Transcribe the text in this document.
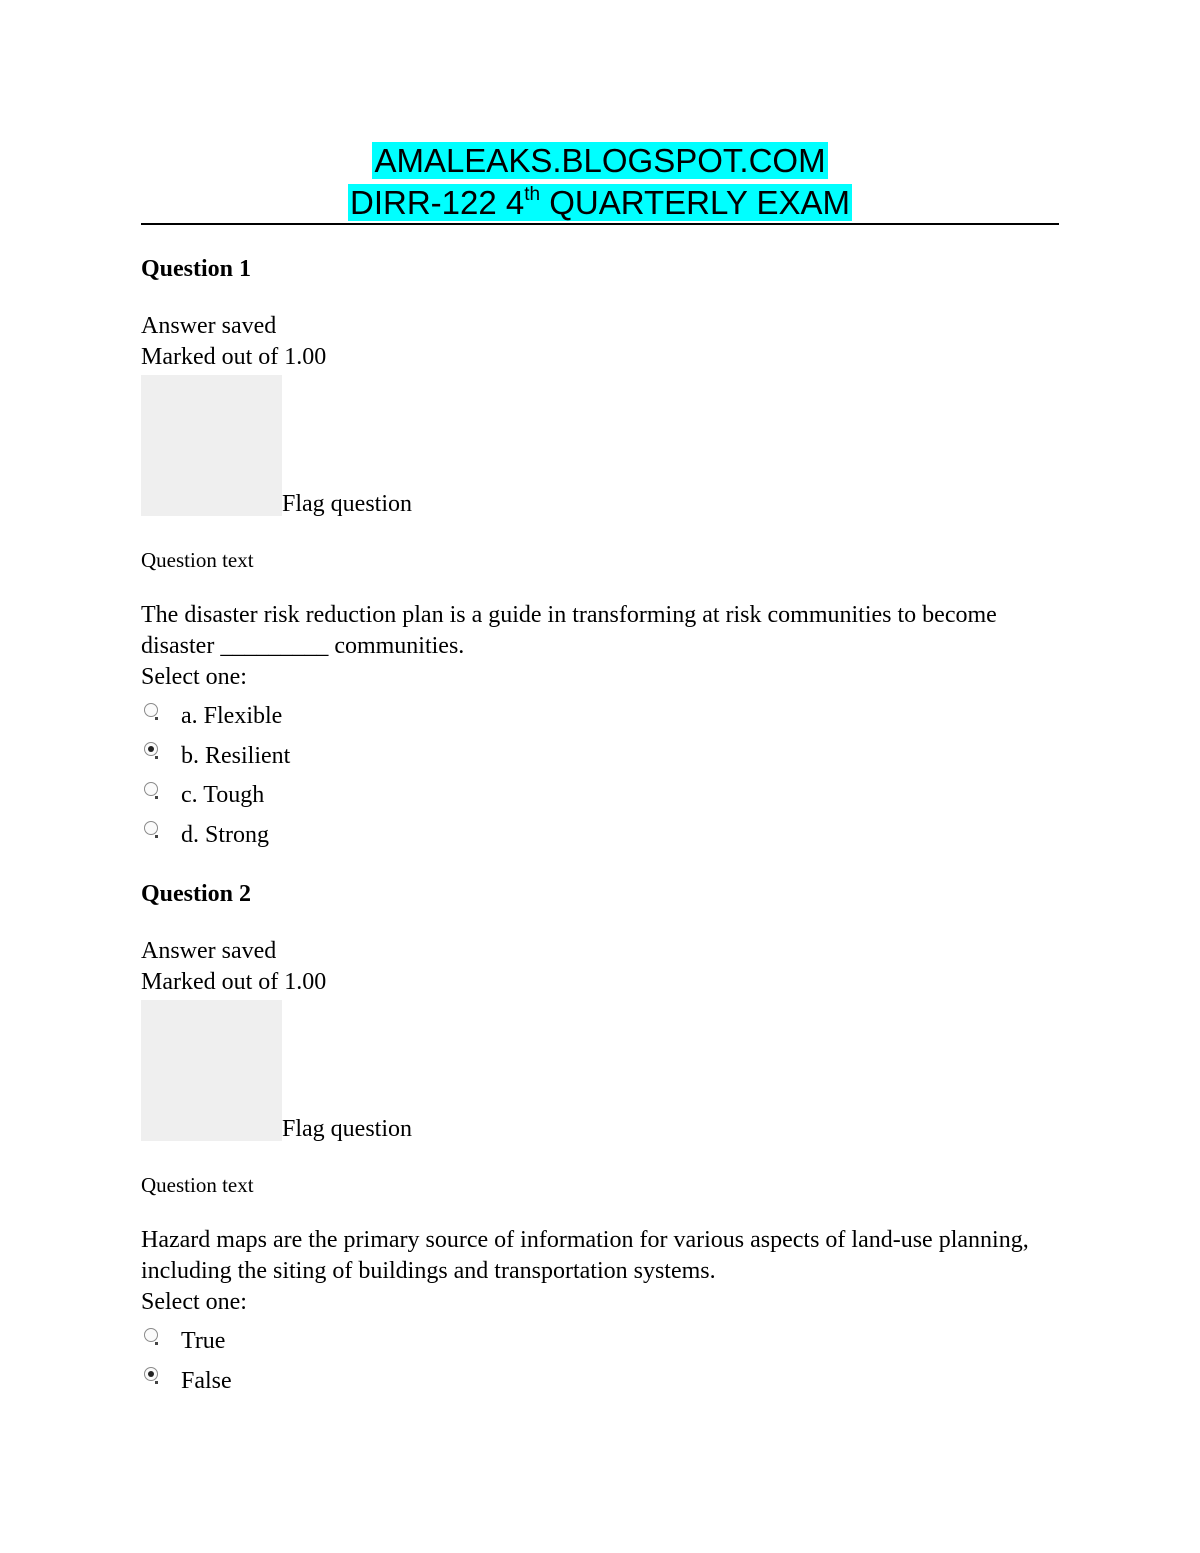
AMALEAKS.BLOGSPOT.COM
DIRR-122 4th QUARTERLY EXAM
Question 1
Answer saved
Marked out of 1.00
Flag question
Question text
The disaster risk reduction plan is a guide in transforming at risk communities to become disaster _________ communities.
Select one:
a. Flexible
b. Resilient
c. Tough
d. Strong
Question 2
Answer saved
Marked out of 1.00
Flag question
Question text
Hazard maps are the primary source of information for various aspects of land-use planning, including the siting of buildings and transportation systems.
Select one:
True
False
